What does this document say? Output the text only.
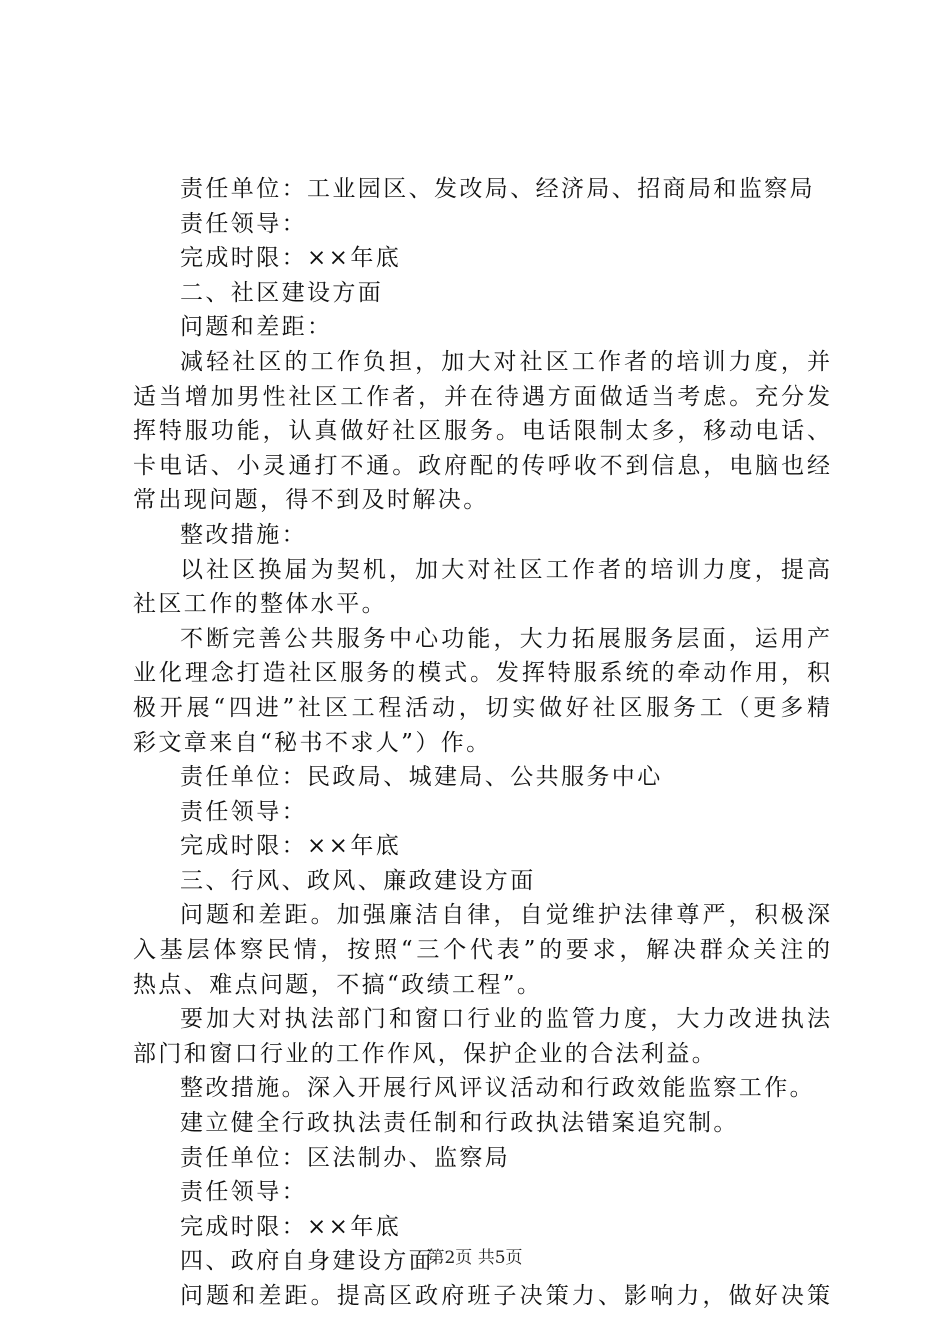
责任单位：工业园区、发改局、经济局、招商局和监察局
责任领导：
完成时限：××年底
二、社区建设方面
问题和差距：
减轻社区的工作负担，加大对社区工作者的培训力度，并
适当增加男性社区工作者，并在待遇方面做适当考虑。充分发
挥特服功能，认真做好社区服务。电话限制太多，移动电话、
卡电话、小灵通打不通。政府配的传呼收不到信息，电脑也经
常出现问题，得不到及时解决。
整改措施：
以社区换届为契机，加大对社区工作者的培训力度，提高
社区工作的整体水平。
不断完善公共服务中心功能，大力拓展服务层面，运用产
业化理念打造社区服务的模式。发挥特服系统的牵动作用，积
极开展“四进”社区工程活动，切实做好社区服务工（更多精
彩文章来自“秘书不求人”）作。
责任单位：民政局、城建局、公共服务中心
责任领导：
完成时限：××年底
三、行风、政风、廉政建设方面
问题和差距。加强廉洁自律，自觉维护法律尊严，积极深
入基层体察民情，按照“三个代表”的要求，解决群众关注的
热点、难点问题，不搞“政绩工程”。
要加大对执法部门和窗口行业的监管力度，大力改进执法
部门和窗口行业的工作作风，保护企业的合法利益。
整改措施。深入开展行风评议活动和行政效能监察工作。
建立健全行政执法责任制和行政执法错案追究制。
责任单位：区法制办、监察局
责任领导：
完成时限：××年底
四、政府自身建设方面
问题和差距。提高区政府班子决策力、影响力，做好决策
第2页 共5页
